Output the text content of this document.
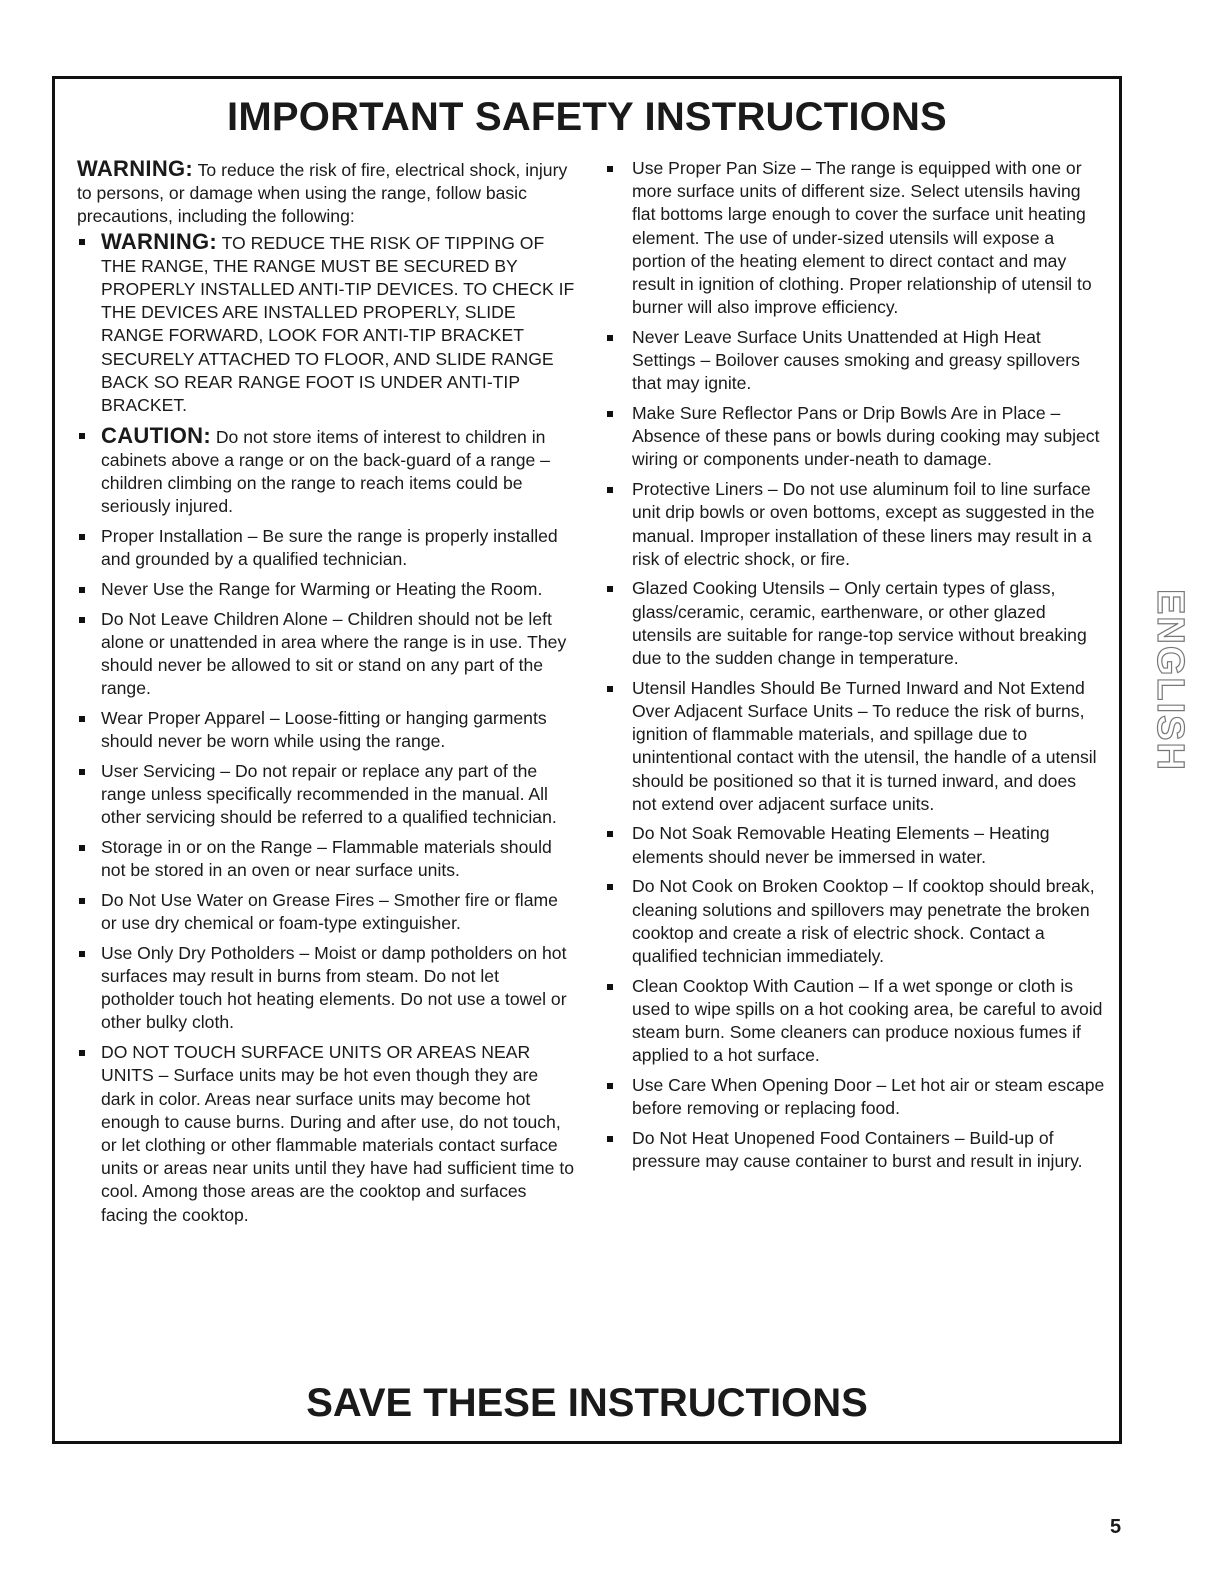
IMPORTANT SAFETY INSTRUCTIONS

WARNING: To reduce the risk of fire, electrical shock, injury to persons, or damage when using the range, follow basic precautions, including the following:

WARNING: TO REDUCE THE RISK OF TIPPING OF THE RANGE, THE RANGE MUST BE SECURED BY PROPERLY INSTALLED ANTI-TIP DEVICES. TO CHECK IF THE DEVICES ARE INSTALLED PROPERLY, SLIDE RANGE FORWARD, LOOK FOR ANTI-TIP BRACKET SECURELY ATTACHED TO FLOOR, AND SLIDE RANGE BACK SO REAR RANGE FOOT IS UNDER ANTI-TIP BRACKET.
CAUTION: Do not store items of interest to children in cabinets above a range or on the back-guard of a range – children climbing on the range to reach items could be seriously injured.
Proper Installation – Be sure the range is properly installed and grounded by a qualified technician.
Never Use the Range for Warming or Heating the Room.
Do Not Leave Children Alone – Children should not be left alone or unattended in area where the range is in use. They should never be allowed to sit or stand on any part of the range.
Wear Proper Apparel – Loose-fitting or hanging garments should never be worn while using the range.
User Servicing – Do not repair or replace any part of the range unless specifically recommended in the manual. All other servicing should be referred to a qualified technician.
Storage in or on the Range – Flammable materials should not be stored in an oven or near surface units.
Do Not Use Water on Grease Fires – Smother fire or flame or use dry chemical or foam-type extinguisher.
Use Only Dry Potholders – Moist or damp potholders on hot surfaces may result in burns from steam. Do not let potholder touch hot heating elements. Do not use a towel or other bulky cloth.
DO NOT TOUCH SURFACE UNITS OR AREAS NEAR UNITS – Surface units may be hot even though they are dark in color. Areas near surface units may become hot enough to cause burns. During and after use, do not touch, or let clothing or other flammable materials contact surface units or areas near units until they have had sufficient time to cool. Among those areas are the cooktop and surfaces facing the cooktop.
Use Proper Pan Size – The range is equipped with one or more surface units of different size. Select utensils having flat bottoms large enough to cover the surface unit heating element. The use of under-sized utensils will expose a portion of the heating element to direct contact and may result in ignition of clothing. Proper relationship of utensil to burner will also improve efficiency.
Never Leave Surface Units Unattended at High Heat Settings – Boilover causes smoking and greasy spillovers that may ignite.
Make Sure Reflector Pans or Drip Bowls Are in Place – Absence of these pans or bowls during cooking may subject wiring or components under-neath to damage.
Protective Liners – Do not use aluminum foil to line surface unit drip bowls or oven bottoms, except as suggested in the manual. Improper installation of these liners may result in a risk of electric shock, or fire.
Glazed Cooking Utensils – Only certain types of glass, glass/ceramic, ceramic, earthenware, or other glazed utensils are suitable for range-top service without breaking due to the sudden change in temperature.
Utensil Handles Should Be Turned Inward and Not Extend Over Adjacent Surface Units – To reduce the risk of burns, ignition of flammable materials, and spillage due to unintentional contact with the utensil, the handle of a utensil should be positioned so that it is turned inward, and does not extend over adjacent surface units.
Do Not Soak Removable Heating Elements – Heating elements should never be immersed in water.
Do Not Cook on Broken Cooktop – If cooktop should break, cleaning solutions and spillovers may penetrate the broken cooktop and create a risk of electric shock. Contact a qualified technician immediately.
Clean Cooktop With Caution – If a wet sponge or cloth is used to wipe spills on a hot cooking area, be careful to avoid steam burn. Some cleaners can produce noxious fumes if applied to a hot surface.
Use Care When Opening Door – Let hot air or steam escape before removing or replacing food.
Do Not Heat Unopened Food Containers – Build-up of pressure may cause container to burst and result in injury.
SAVE THESE INSTRUCTIONS
ENGLISH
5
